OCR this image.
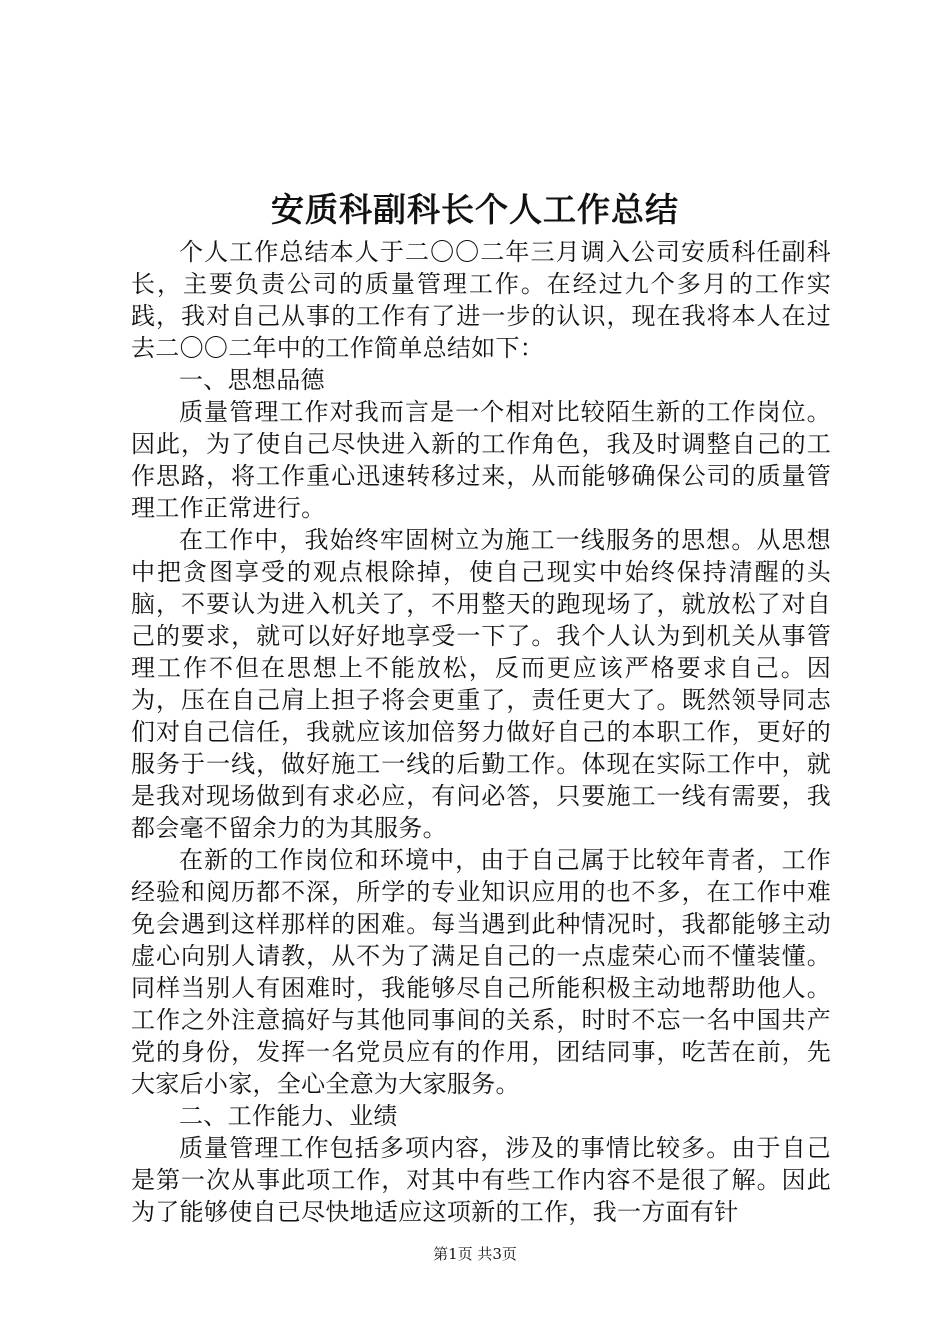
安质科副科长个人工作总结

个人工作总结本人于二〇〇二年三月调入公司安质科任副科长，主要负责公司的质量管理工作。在经过九个多月的工作实践，我对自己从事的工作有了进一步的认识，现在我将本人在过去二〇〇二年中的工作简单总结如下：

一、思想品德

质量管理工作对我而言是一个相对比较陌生新的工作岗位。因此，为了使自己尽快进入新的工作角色，我及时调整自己的工作思路，将工作重心迅速转移过来，从而能够确保公司的质量管理工作正常进行。

在工作中，我始终牢固树立为施工一线服务的思想。从思想中把贪图享受的观点根除掉，使自己现实中始终保持清醒的头脑，不要认为进入机关了，不用整天的跑现场了，就放松了对自己的要求，就可以好好地享受一下了。我个人认为到机关从事管理工作不但在思想上不能放松，反而更应该严格要求自己。因为，压在自己肩上担子将会更重了，责任更大了。既然领导同志们对自己信任，我就应该加倍努力做好自己的本职工作，更好的服务于一线，做好施工一线的后勤工作。体现在实际工作中，就是我对现场做到有求必应，有问必答，只要施工一线有需要，我都会毫不留余力的为其服务。

在新的工作岗位和环境中，由于自己属于比较年青者，工作经验和阅历都不深，所学的专业知识应用的也不多，在工作中难免会遇到这样那样的困难。每当遇到此种情况时，我都能够主动虚心向别人请教，从不为了满足自己的一点虚荣心而不懂装懂。同样当别人有困难时，我能够尽自己所能积极主动地帮助他人。工作之外注意搞好与其他同事间的关系，时时不忘一名中国共产党的身份，发挥一名党员应有的作用，团结同事，吃苦在前，先大家后小家，全心全意为大家服务。

二、工作能力、业绩

质量管理工作包括多项内容，涉及的事情比较多。由于自己是第一次从事此项工作，对其中有些工作内容不是很了解。因此为了能够使自已尽快地适应这项新的工作，我一方面有针

第1页 共3页
